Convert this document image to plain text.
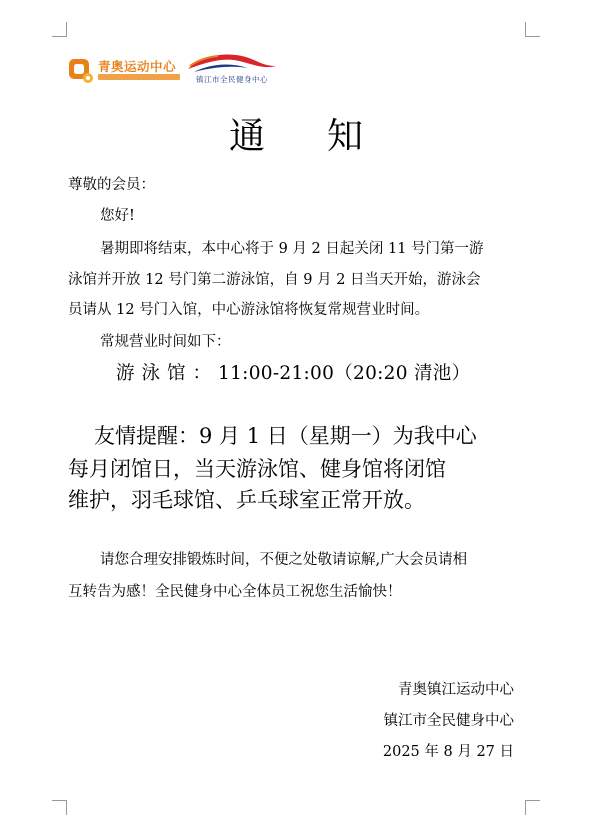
青奥运动中心
镇江市全民健身中心
通知
尊敬的会员：
您好!
暑期即将结束，本中心将于 9 月 2 日起关闭 11 号门第一游
泳馆并开放 12 号门第二游泳馆，自 9 月 2 日当天开始，游泳会
员请从 12 号门入馆，中心游泳馆将恢复常规营业时间。
常规营业时间如下：
游泳馆：11:00-21:00（20:20 清池）
友情提醒：9 月 1 日（星期一）为我中心
每月闭馆日，当天游泳馆、健身馆将闭馆
维护，羽毛球馆、乒乓球室正常开放。
请您合理安排锻炼时间，不便之处敬请谅解,广大会员请相
互转告为感！全民健身中心全体员工祝您生活愉快！
青奥镇江运动中心
镇江市全民健身中心
2025 年 8 月 27 日
